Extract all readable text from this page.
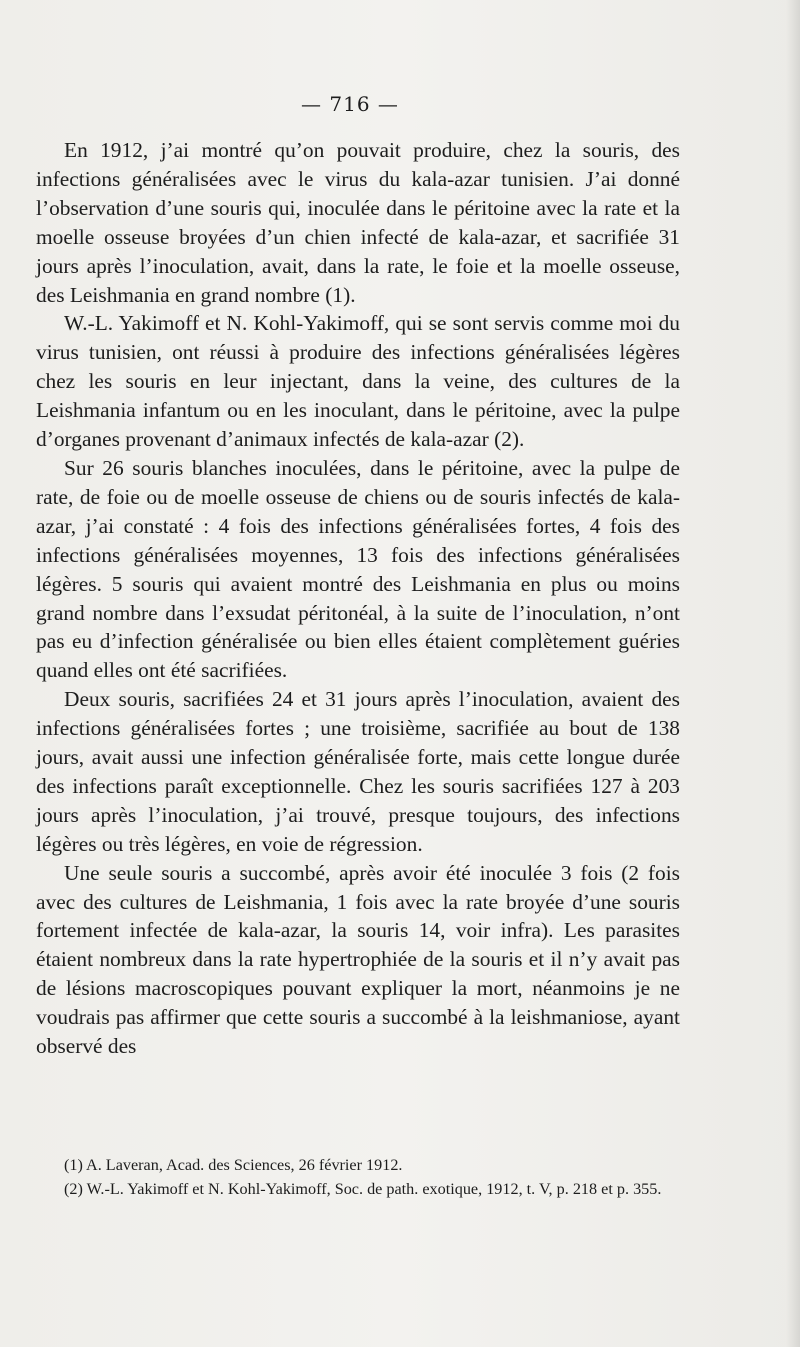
— 716 —

En 1912, j’ai montré qu’on pouvait produire, chez la souris, des infections généralisées avec le virus du kala-azar tunisien. J’ai donné l’observation d’une souris qui, inoculée dans le péritoine avec la rate et la moelle osseuse broyées d’un chien infecté de kala-azar, et sacrifiée 31 jours après l’inoculation, avait, dans la rate, le foie et la moelle osseuse, des Leishmania en grand nombre (1).

W.-L. Yakimoff et N. Kohl-Yakimoff, qui se sont servis comme moi du virus tunisien, ont réussi à produire des infections généralisées légères chez les souris en leur injectant, dans la veine, des cultures de la Leishmania infantum ou en les inoculant, dans le péritoine, avec la pulpe d’organes provenant d’animaux infectés de kala-azar (2).

Sur 26 souris blanches inoculées, dans le péritoine, avec la pulpe de rate, de foie ou de moelle osseuse de chiens ou de souris infectés de kala-azar, j’ai constaté : 4 fois des infections généralisées fortes, 4 fois des infections généralisées moyennes, 13 fois des infections généralisées légères. 5 souris qui avaient montré des Leishmania en plus ou moins grand nombre dans l’exsudat péritonéal, à la suite de l’inoculation, n’ont pas eu d’infection généralisée ou bien elles étaient complètement guéries quand elles ont été sacrifiées.

Deux souris, sacrifiées 24 et 31 jours après l’inoculation, avaient des infections généralisées fortes ; une troisième, sacrifiée au bout de 138 jours, avait aussi une infection généralisée forte, mais cette longue durée des infections paraît exceptionnelle. Chez les souris sacrifiées 127 à 203 jours après l’inoculation, j’ai trouvé, presque toujours, des infections légères ou très légères, en voie de régression.

Une seule souris a succombé, après avoir été inoculée 3 fois (2 fois avec des cultures de Leishmania, 1 fois avec la rate broyée d’une souris fortement infectée de kala-azar, la souris 14, voir infra). Les parasites étaient nombreux dans la rate hypertrophiée de la souris et il n’y avait pas de lésions macroscopiques pouvant expliquer la mort, néanmoins je ne voudrais pas affirmer que cette souris a succombé à la leishmaniose, ayant observé des

(1) A. Laveran, Acad. des Sciences, 26 février 1912.

(2) W.-L. Yakimoff et N. Kohl-Yakimoff, Soc. de path. exotique, 1912, t. V, p. 218 et p. 355.
